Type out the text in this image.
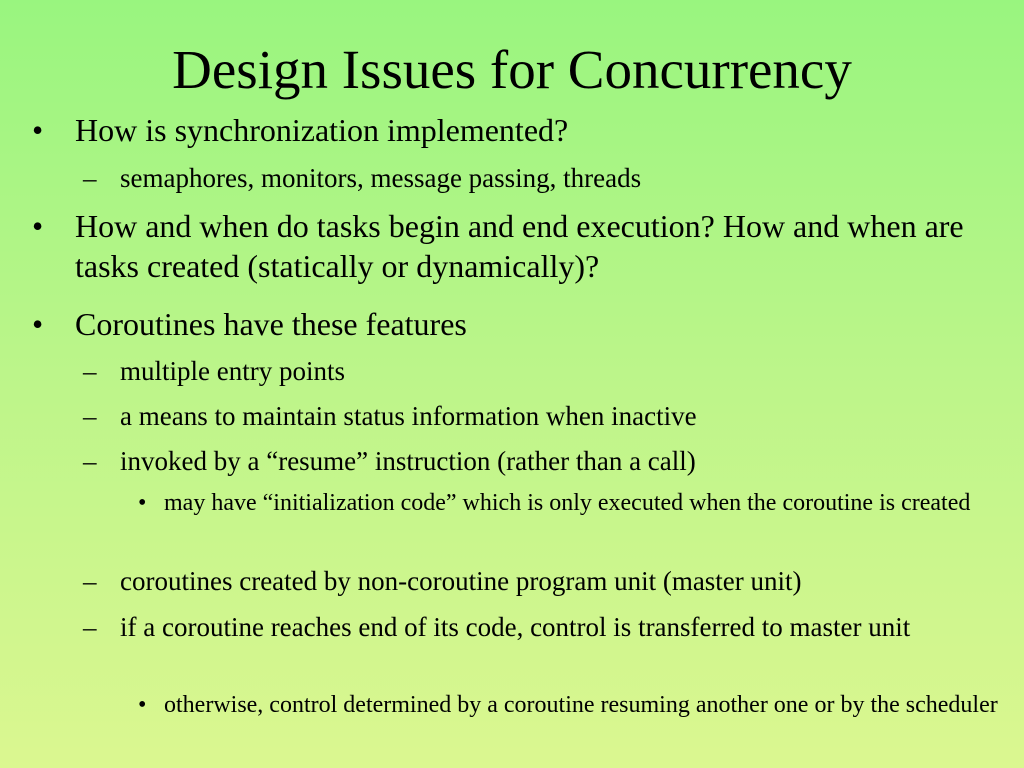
Design Issues for Concurrency

• How is synchronization implemented?

– semaphores, monitors, message passing, threads

• How and when do tasks begin and end execution? How and when are tasks created (statically or dynamically)?

• Coroutines have these features

– multiple entry points

– a means to maintain status information when inactive

– invoked by a “resume” instruction (rather than a call)

• may have “initialization code” which is only executed when the coroutine is created

– coroutines created by non-coroutine program unit (master unit)

– if a coroutine reaches end of its code, control is transferred to master unit

• otherwise, control determined by a coroutine resuming another one or by the scheduler
